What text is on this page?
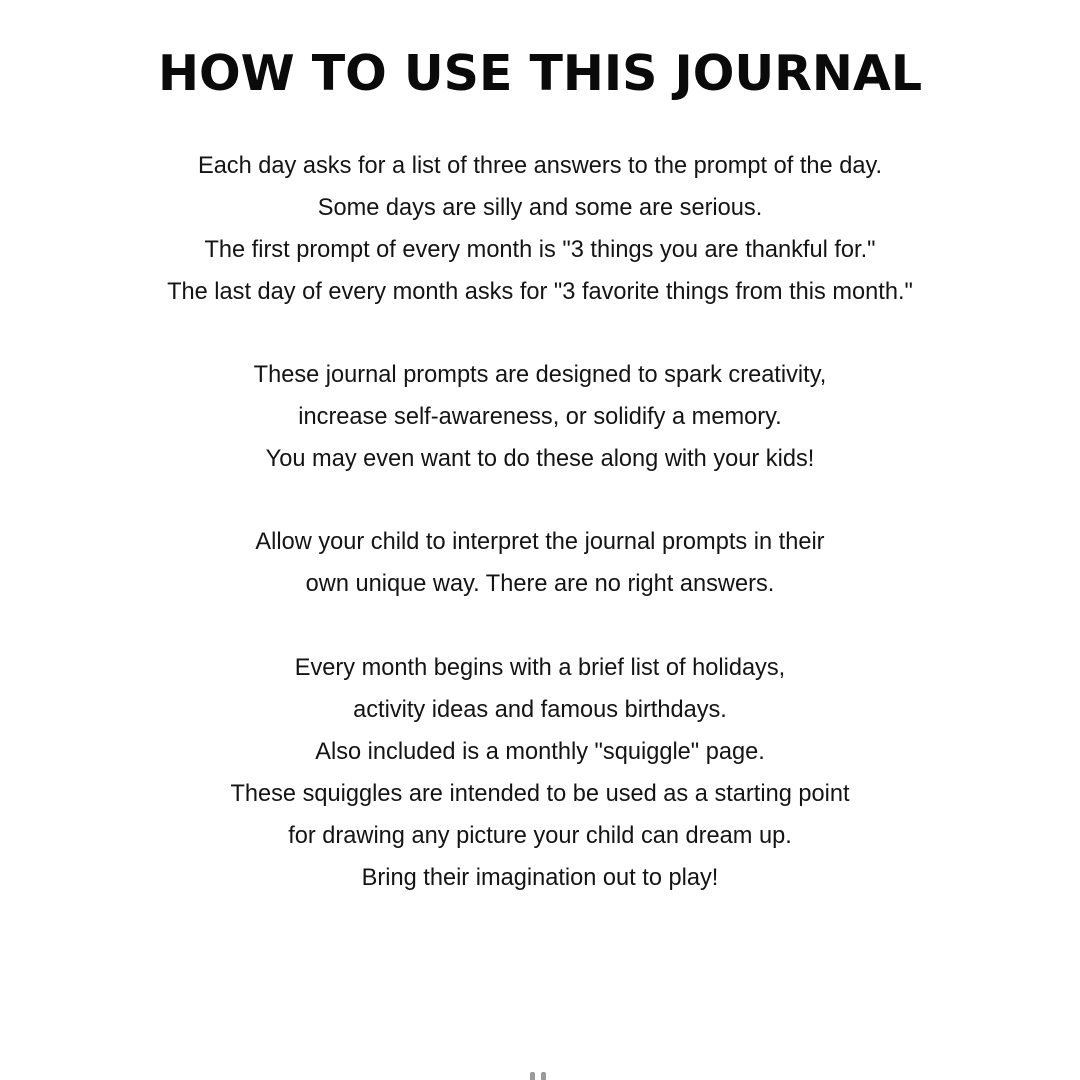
HOW TO USE THIS JOURNAL
Each day asks for a list of three answers to the prompt of the day.
Some days are silly and some are serious.
The first prompt of every month is "3 things you are thankful for."
The last day of every month asks for "3 favorite things from this month."
These journal prompts are designed to spark creativity,
increase self-awareness, or solidify a memory.
You may even want to do these along with your kids!
Allow your child to interpret the journal prompts in their
own unique way. There are no right answers.
Every month begins with a brief list of holidays,
activity ideas and famous birthdays.
Also included is a monthly "squiggle" page.
These squiggles are intended to be used as a starting point
for drawing any picture your child can dream up.
Bring their imagination out to play!
